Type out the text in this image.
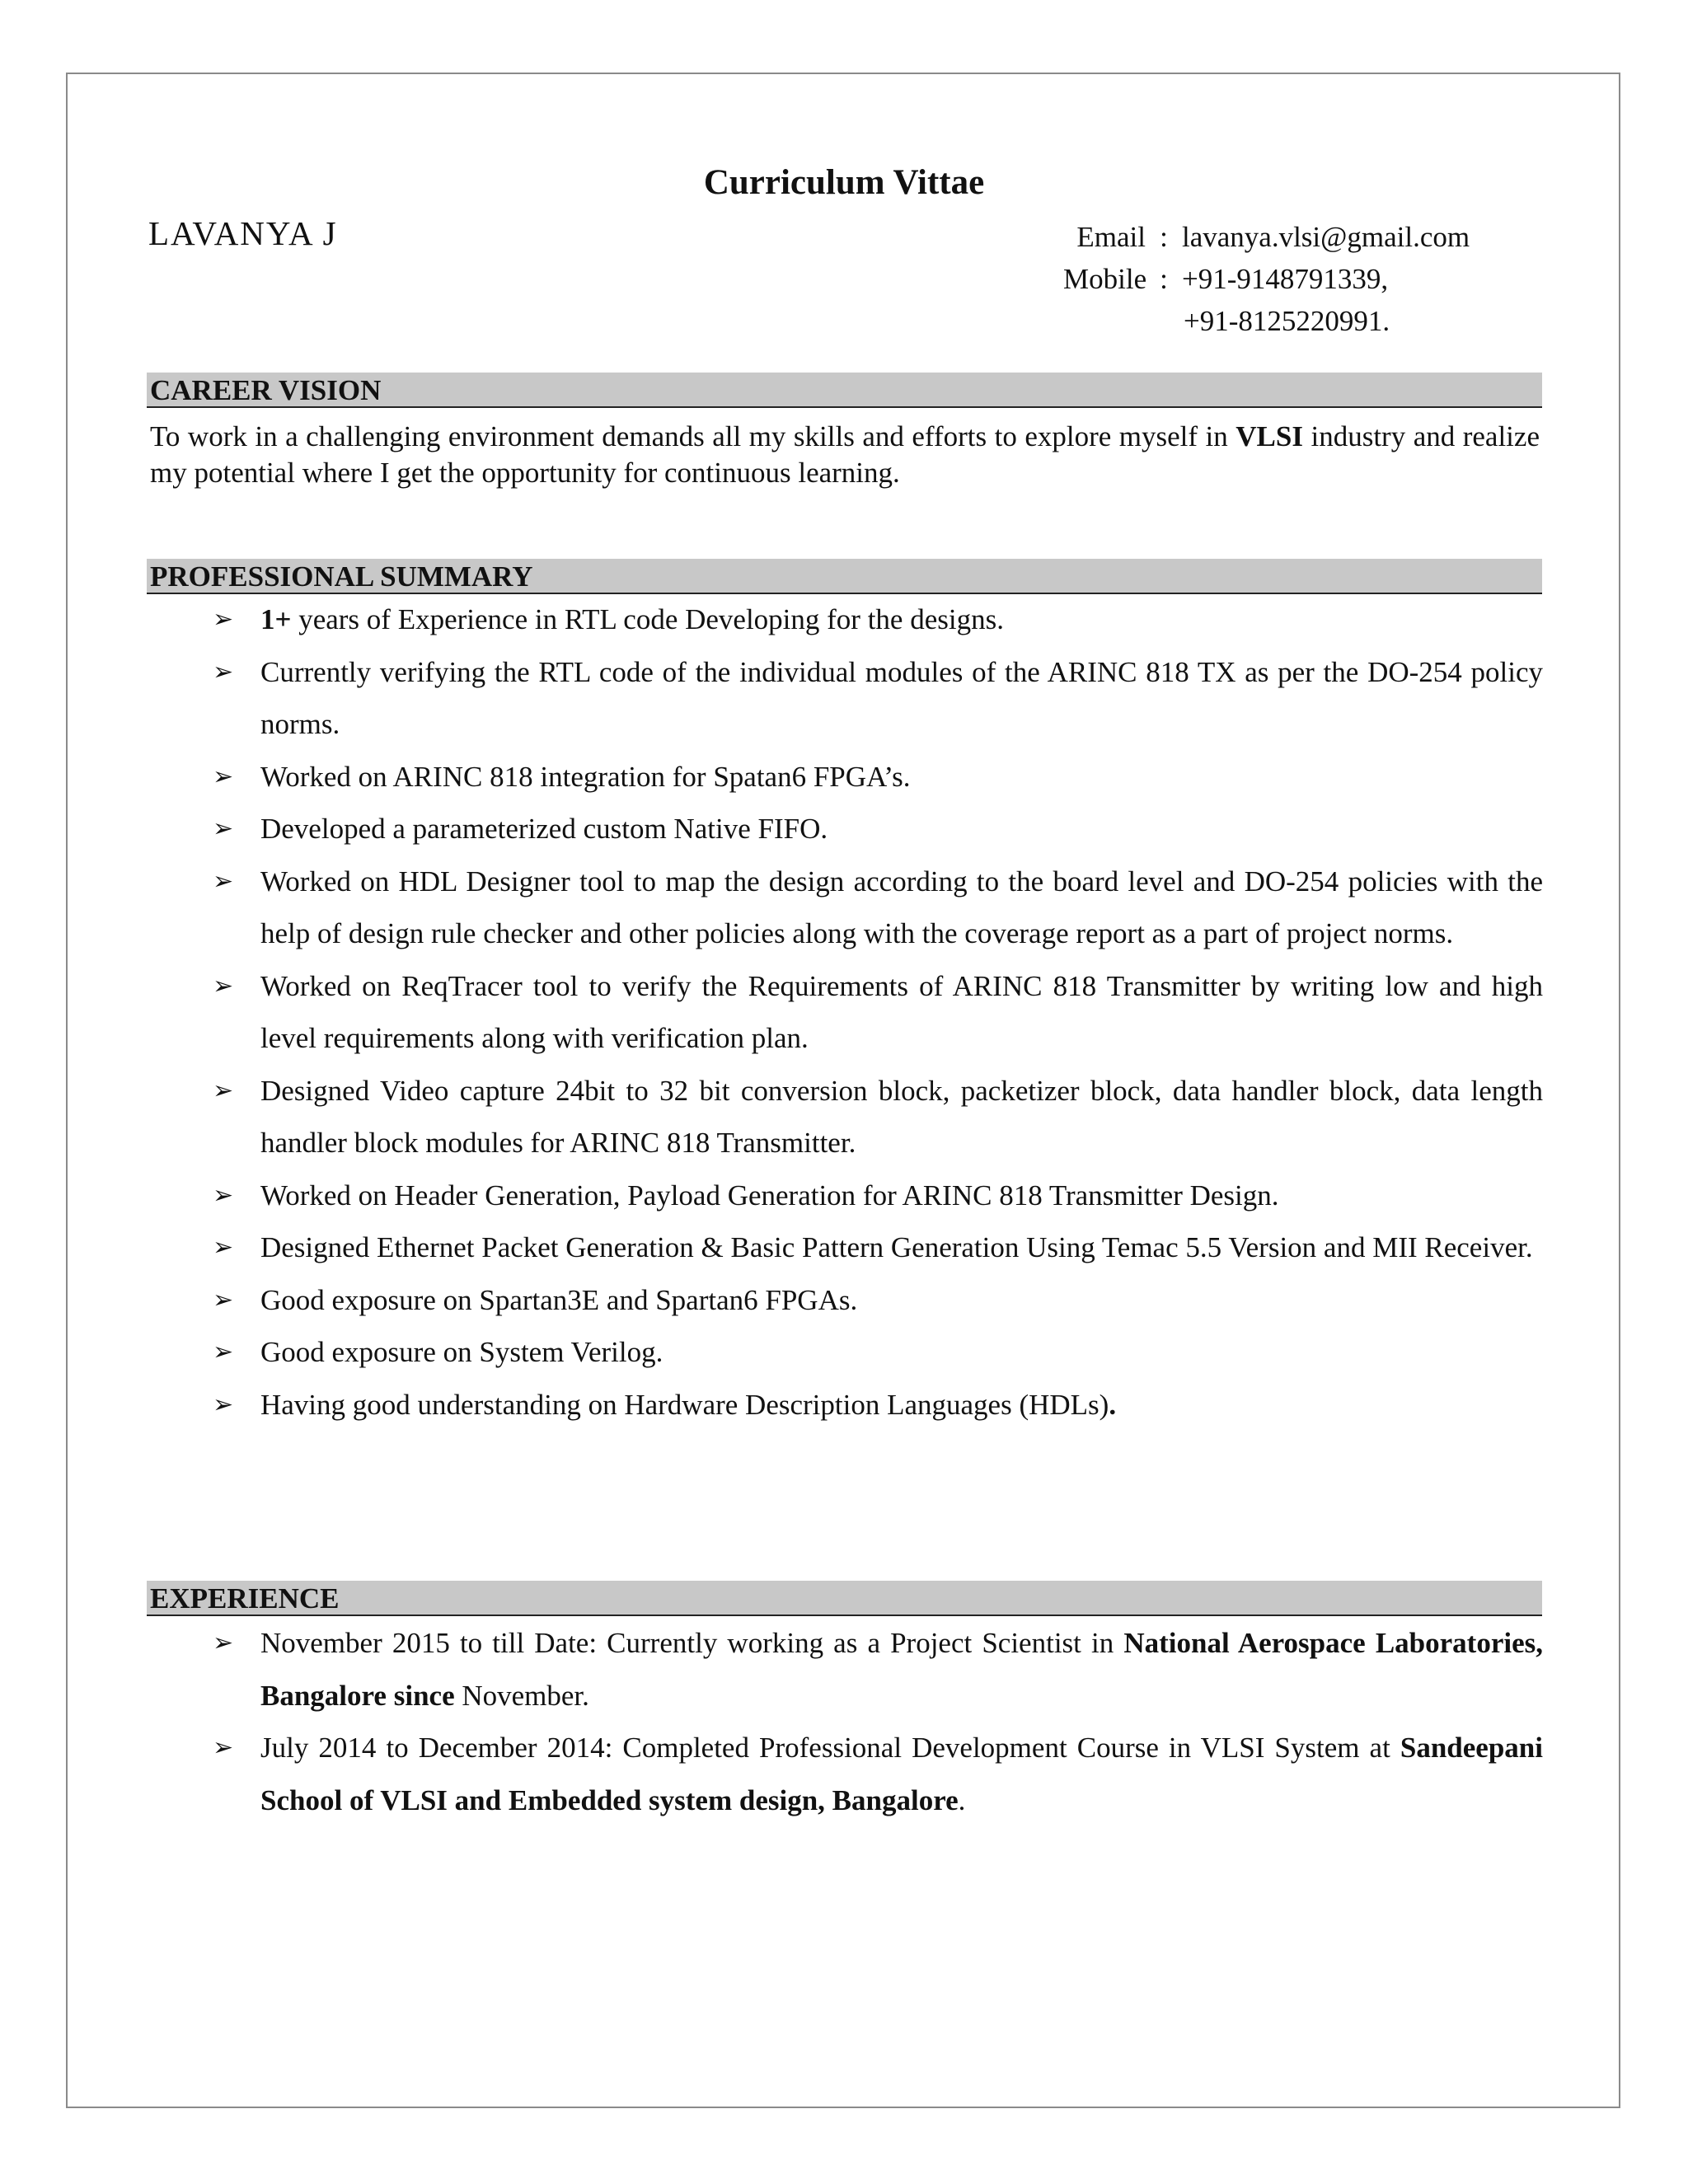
Curriculum Vittae
LAVANYA J	Email : lavanya.vlsi@gmail.com
Mobile : +91-9148791339,
+91-8125220991.
CAREER VISION
To work in a challenging environment demands all my skills and efforts to explore myself in VLSI industry and realize my potential where I get the opportunity for continuous learning.
PROFESSIONAL SUMMARY
➢ 1+ years of Experience in RTL code Developing for the designs.
➢ Currently verifying the RTL code of the individual modules of the ARINC 818 TX as per the DO-254 policy norms.
➢ Worked on ARINC 818 integration for Spatan6 FPGA’s.
➢ Developed a parameterized custom Native FIFO.
➢ Worked on HDL Designer tool to map the design according to the board level and DO-254 policies with the help of design rule checker and other policies along with the coverage report as a part of project norms.
➢ Worked on ReqTracer tool to verify the Requirements of ARINC 818 Transmitter by writing low and high level requirements along with verification plan.
➢ Designed Video capture 24bit to 32 bit conversion block, packetizer block, data handler block, data length handler block modules for ARINC 818 Transmitter.
➢ Worked on Header Generation, Payload Generation for ARINC 818 Transmitter Design.
➢ Designed Ethernet Packet Generation & Basic Pattern Generation Using Temac 5.5 Version and MII Receiver.
➢ Good exposure on Spartan3E and Spartan6 FPGAs.
➢ Good exposure on System Verilog.
➢ Having good understanding on Hardware Description Languages (HDLs).
EXPERIENCE
➢ November 2015 to till Date: Currently working as a Project Scientist in National Aerospace Laboratories, Bangalore since November.
➢ July 2014 to December 2014: Completed Professional Development Course in VLSI System at Sandeepani School of VLSI and Embedded system design, Bangalore.
